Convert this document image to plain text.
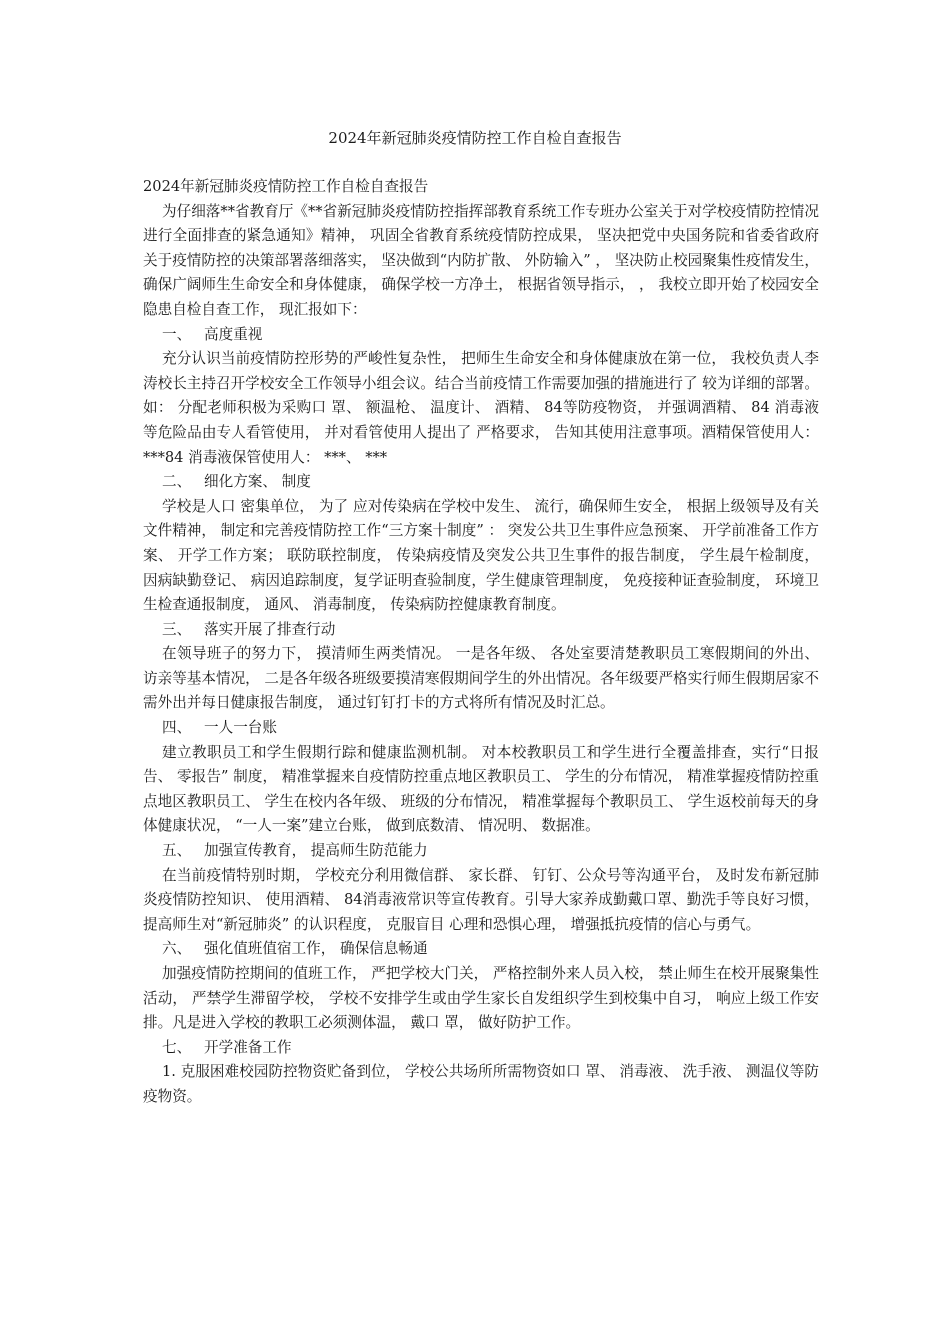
2024年新冠肺炎疫情防控工作自检自查报告

2024年新冠肺炎疫情防控工作自检自查报告

为仔细落**省教育厅《**省新冠肺炎疫情防控指挥部教育系统工作专班办公室关于对学校疫情防控情况进行全面排查的紧急通知》精神， 巩固全省教育系统疫情防控成果， 坚决把党中央国务院和省委省政府关于疫情防控的决策部署落细落实， 坚决做到“内防扩散、 外防输入” ， 坚决防止校园聚集性疫情发生， 确保广阔师生生命安全和身体健康， 确保学校一方净土， 根据省领导指示， ， 我校立即开始了校园安全隐患自检自查工作， 现汇报如下：

一、 高度重视

充分认识当前疫情防控形势的严峻性复杂性， 把师生生命安全和身体健康放在第一位， 我校负责人李涛校长主持召开学校安全工作领导小组会议。结合当前疫情工作需要加强的措施进行了 较为详细的部署。 如： 分配老师积极为采购口 罩、 额温枪、 温度计、 酒精、 84等防疫物资， 并强调酒精、 84 消毒液等危险品由专人看管使用， 并对看管使用人提出了 严格要求， 告知其使用注意事项。酒精保管使用人： ***84 消毒液保管使用人： ***、 ***

二、 细化方案、 制度

学校是人口 密集单位， 为了 应对传染病在学校中发生、 流行，确保师生安全， 根据上级领导及有关文件精神， 制定和完善疫情防控工作“三方案十制度” ： 突发公共卫生事件应急预案、 开学前准备工作方案、 开学工作方案； 联防联控制度， 传染病疫情及突发公共卫生事件的报告制度， 学生晨午检制度， 因病缺勤登记、 病因追踪制度，复学证明查验制度，学生健康管理制度， 免疫接种证查验制度， 环境卫生检查通报制度， 通风、 消毒制度， 传染病防控健康教育制度。

三、 落实开展了排查行动

在领导班子的努力下， 摸清师生两类情况。 一是各年级、 各处室要清楚教职员工寒假期间的外出、 访亲等基本情况， 二是各年级各班级要摸清寒假期间学生的外出情况。各年级要严格实行师生假期居家不需外出并每日健康报告制度， 通过钉钉打卡的方式将所有情况及时汇总。

四、 一人一台账

建立教职员工和学生假期行踪和健康监测机制。 对本校教职员工和学生进行全覆盖排查，实行“日报告、 零报告” 制度， 精准掌握来自疫情防控重点地区教职员工、 学生的分布情况， 精准掌握疫情防控重点地区教职员工、 学生在校内各年级、 班级的分布情况， 精准掌握每个教职员工、 学生返校前每天的身体健康状况， “一人一案”建立台账， 做到底数清、 情况明、 数据准。

五、 加强宣传教育， 提高师生防范能力

在当前疫情特别时期， 学校充分利用微信群、 家长群、 钉钉、公众号等沟通平台， 及时发布新冠肺炎疫情防控知识、 使用酒精、 84消毒液常识等宣传教育。引导大家养成勤戴口罩、勤洗手等良好习惯，提高师生对“新冠肺炎” 的认识程度， 克服盲目 心理和恐惧心理， 增强抵抗疫情的信心与勇气。

六、 强化值班值宿工作， 确保信息畅通

加强疫情防控期间的值班工作， 严把学校大门关， 严格控制外来人员入校， 禁止师生在校开展聚集性活动， 严禁学生滞留学校， 学校不安排学生或由学生家长自发组织学生到校集中自习， 响应上级工作安排。凡是进入学校的教职工必须测体温， 戴口 罩， 做好防护工作。

七、 开学准备工作

1. 克服困难校园防控物资贮备到位， 学校公共场所所需物资如口 罩、 消毒液、 洗手液、 测温仪等防疫物资。
